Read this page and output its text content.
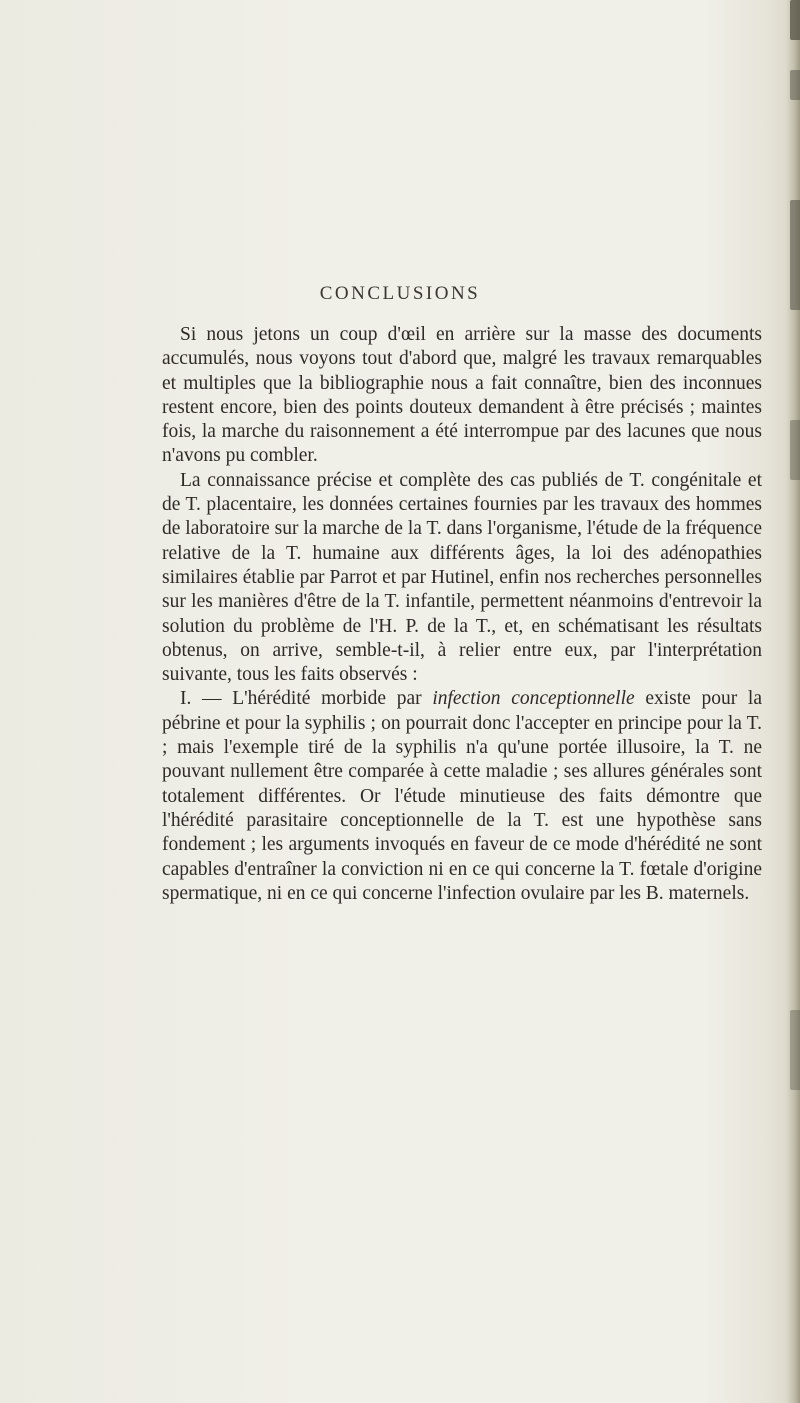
CONCLUSIONS

Si nous jetons un coup d'œil en arrière sur la masse des documents accumulés, nous voyons tout d'abord que, malgré les travaux remarquables et multiples que la bibliographie nous a fait connaître, bien des inconnues restent encore, bien des points douteux demandent à être précisés ; maintes fois, la marche du raisonnement a été interrompue par des lacunes que nous n'avons pu combler.

La connaissance précise et complète des cas publiés de T. congénitale et de T. placentaire, les données certaines fournies par les travaux des hommes de laboratoire sur la marche de la T. dans l'organisme, l'étude de la fréquence relative de la T. humaine aux différents âges, la loi des adénopathies similaires établie par Parrot et par Hutinel, enfin nos recherches personnelles sur les manières d'être de la T. infantile, permettent néanmoins d'entrevoir la solution du problème de l'H. P. de la T., et, en schématisant les résultats obtenus, on arrive, semble-t-il, à relier entre eux, par l'interprétation suivante, tous les faits observés :

I. — L'hérédité morbide par infection conceptionnelle existe pour la pébrine et pour la syphilis ; on pourrait donc l'accepter en principe pour la T. ; mais l'exemple tiré de la syphilis n'a qu'une portée illusoire, la T. ne pouvant nullement être comparée à cette maladie ; ses allures générales sont totalement différentes. Or l'étude minutieuse des faits démontre que l'hérédité parasitaire conceptionnelle de la T. est une hypothèse sans fondement ; les arguments invoqués en faveur de ce mode d'hérédité ne sont capables d'entraîner la conviction ni en ce qui concerne la T. fœtale d'origine spermatique, ni en ce qui concerne l'infection ovulaire par les B. maternels.
